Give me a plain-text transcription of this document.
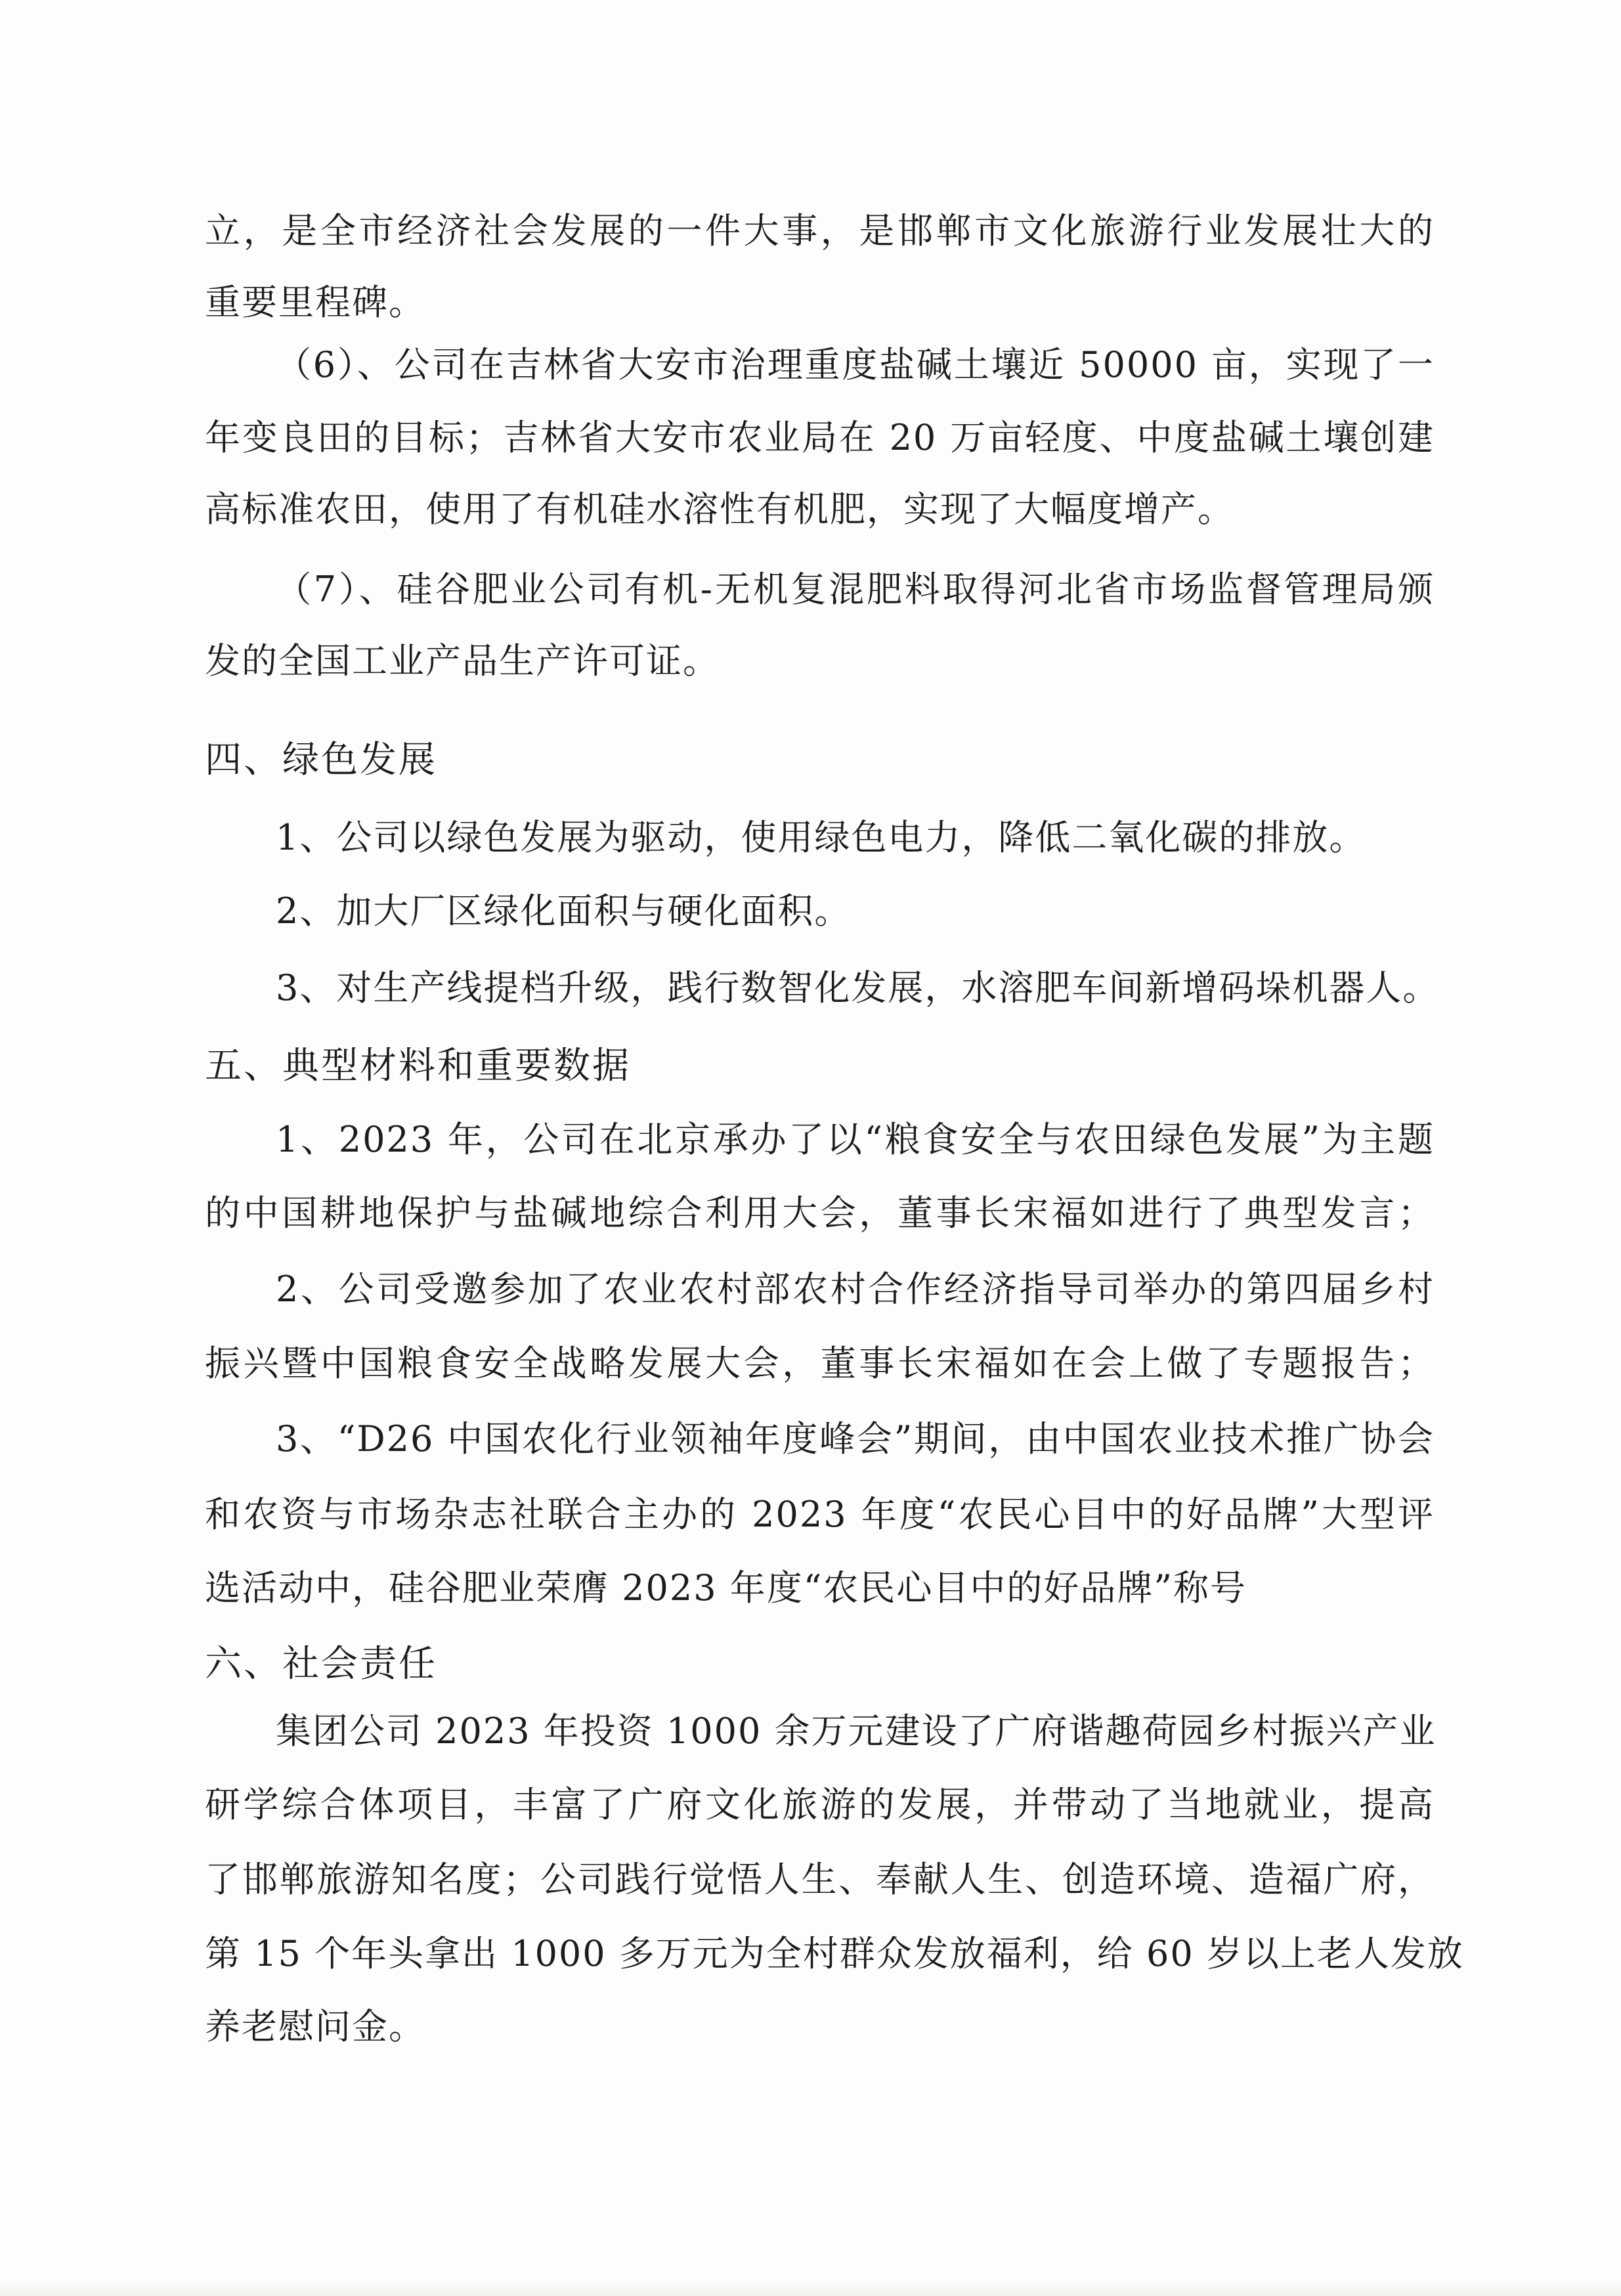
立，是全市经济社会发展的一件大事，是邯郸市文化旅游行业发展壮大的

重要里程碑。

（6）、公司在吉林省大安市治理重度盐碱土壤近 50000 亩，实现了一

年变良田的目标；吉林省大安市农业局在 20 万亩轻度、中度盐碱土壤创建

高标准农田，使用了有机硅水溶性有机肥，实现了大幅度增产。

（7）、硅谷肥业公司有机-无机复混肥料取得河北省市场监督管理局颁

发的全国工业产品生产许可证。

四、绿色发展

1、公司以绿色发展为驱动，使用绿色电力，降低二氧化碳的排放。

2、加大厂区绿化面积与硬化面积。

3、对生产线提档升级，践行数智化发展，水溶肥车间新增码垛机器人。

五、典型材料和重要数据

1、2023 年，公司在北京承办了以“粮食安全与农田绿色发展”为主题

的中国耕地保护与盐碱地综合利用大会，董事长宋福如进行了典型发言；

2、公司受邀参加了农业农村部农村合作经济指导司举办的第四届乡村

振兴暨中国粮食安全战略发展大会，董事长宋福如在会上做了专题报告；

3、“D26 中国农化行业领袖年度峰会”期间，由中国农业技术推广协会

和农资与市场杂志社联合主办的 2023 年度“农民心目中的好品牌”大型评

选活动中，硅谷肥业荣膺 2023 年度“农民心目中的好品牌”称号

六、社会责任

集团公司 2023 年投资 1000 余万元建设了广府谐趣荷园乡村振兴产业

研学综合体项目，丰富了广府文化旅游的发展，并带动了当地就业，提高

了邯郸旅游知名度；公司践行觉悟人生、奉献人生、创造环境、造福广府，

第 15 个年头拿出 1000 多万元为全村群众发放福利，给 60 岁以上老人发放

养老慰问金。
